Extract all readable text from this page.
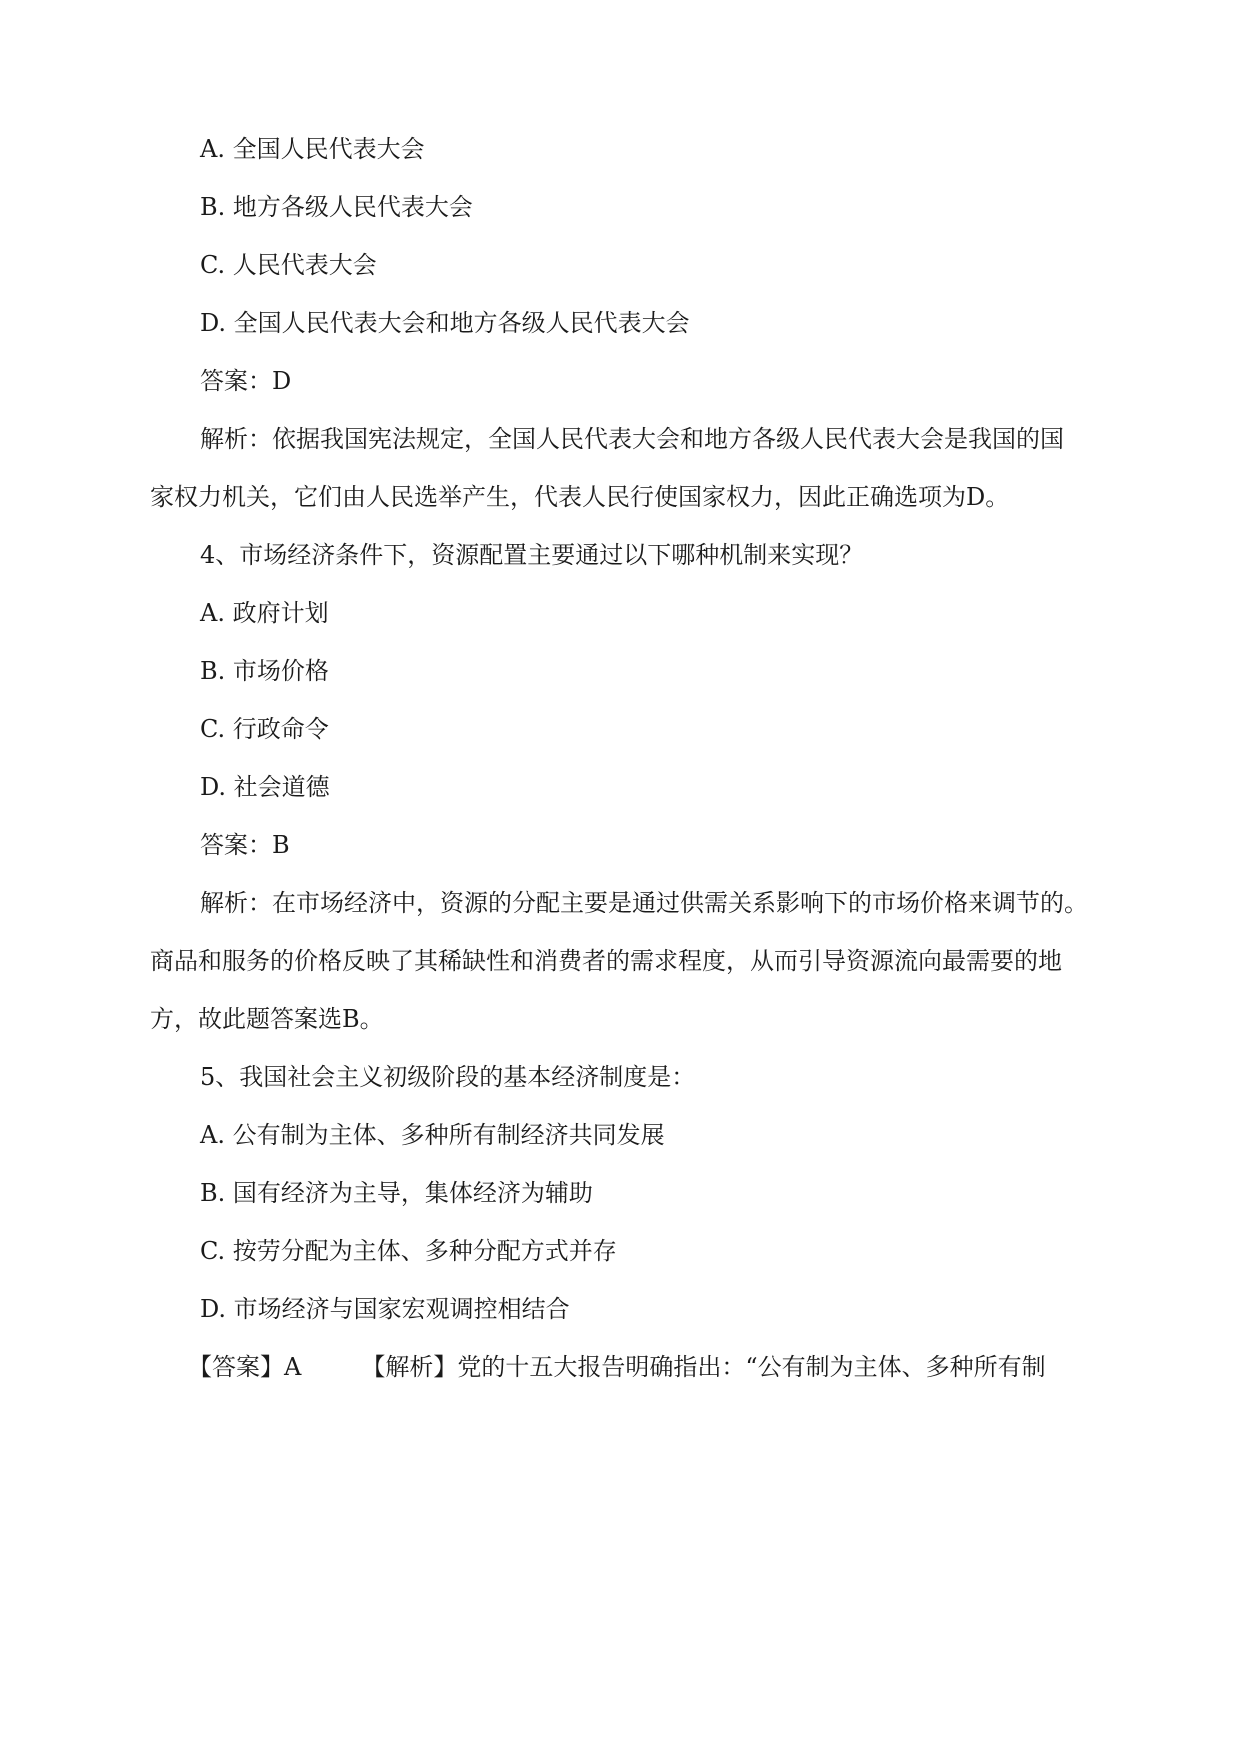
A. 全国人民代表大会
B. 地方各级人民代表大会
C. 人民代表大会
D. 全国人民代表大会和地方各级人民代表大会
答案：D
解析：依据我国宪法规定，全国人民代表大会和地方各级人民代表大会是我国的国
家权力机关，它们由人民选举产生，代表人民行使国家权力，因此正确选项为D。
4、市场经济条件下，资源配置主要通过以下哪种机制来实现？
A. 政府计划
B. 市场价格
C. 行政命令
D. 社会道德
答案：B
解析：在市场经济中，资源的分配主要是通过供需关系影响下的市场价格来调节的。
商品和服务的价格反映了其稀缺性和消费者的需求程度，从而引导资源流向最需要的地
方，故此题答案选B。
5、我国社会主义初级阶段的基本经济制度是：
A. 公有制为主体、多种所有制经济共同发展
B. 国有经济为主导，集体经济为辅助
C. 按劳分配为主体、多种分配方式并存
D. 市场经济与国家宏观调控相结合
【答案】A　　　【解析】党的十五大报告明确指出：“公有制为主体、多种所有制
